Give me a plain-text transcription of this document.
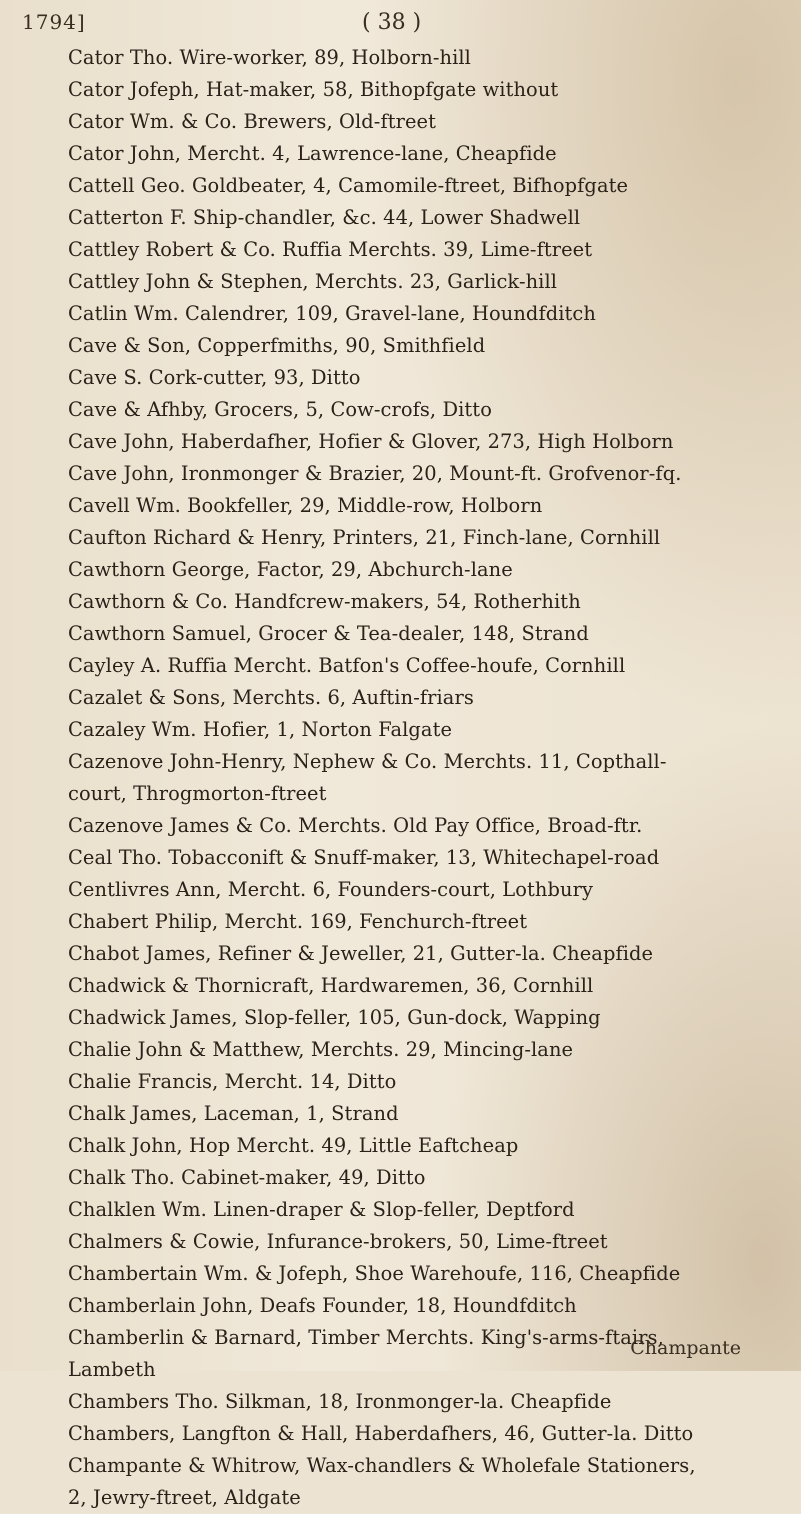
1794]	( 38 )
Cator Tho. Wire-worker, 89, Holborn-hill
Cator Jofeph, Hat-maker, 58, Bithopfgate without
Cator Wm. & Co. Brewers, Old-ftreet
Cator John, Mercht. 4, Lawrence-lane, Cheapfide
Cattell Geo. Goldbeater, 4, Camomile-ftreet, Bifhopfgate
Catterton F. Ship-chandler, &c. 44, Lower Shadwell
Cattley Robert & Co. Ruffia Merchts. 39, Lime-ftreet
Cattley John & Stephen, Merchts. 23, Garlick-hill
Catlin Wm. Calendrer, 109, Gravel-lane, Houndfditch
Cave & Son, Copperfmiths, 90, Smithfield
Cave S. Cork-cutter, 93, Ditto
Cave & Afhby, Grocers, 5, Cow-crofs, Ditto
Cave John, Haberdafher, Hofier & Glover, 273, High Holborn
Cave John, Ironmonger & Brazier, 20, Mount-ft. Grofvenor-fq.
Cavell Wm. Bookfeller, 29, Middle-row, Holborn
Caufton Richard & Henry, Printers, 21, Finch-lane, Cornhill
Cawthorn George, Factor, 29, Abchurch-lane
Cawthorn & Co. Handfcrew-makers, 54, Rotherhith
Cawthorn Samuel, Grocer & Tea-dealer, 148, Strand
Cayley A. Ruffia Mercht. Batfon's Coffee-houfe, Cornhill
Cazalet & Sons, Merchts. 6, Auftin-friars
Cazaley Wm. Hofier, 1, Norton Falgate
Cazenove John-Henry, Nephew & Co. Merchts. 11, Copthall-
court, Throgmorton-ftreet
Cazenove James & Co. Merchts. Old Pay Office, Broad-ftr.
Ceal Tho. Tobacconift & Snuff-maker, 13, Whitechapel-road
Centlivres Ann, Mercht. 6, Founders-court, Lothbury
Chabert Philip, Mercht. 169, Fenchurch-ftreet
Chabot James, Refiner & Jeweller, 21, Gutter-la. Cheapfide
Chadwick & Thornicraft, Hardwaremen, 36, Cornhill
Chadwick James, Slop-feller, 105, Gun-dock, Wapping
Chalie John & Matthew, Merchts. 29, Mincing-lane
Chalie Francis, Mercht. 14, Ditto
Chalk James, Laceman, 1, Strand
Chalk John, Hop Mercht. 49, Little Eaftcheap
Chalk Tho. Cabinet-maker, 49, Ditto
Chalklen Wm. Linen-draper & Slop-feller, Deptford
Chalmers & Cowie, Infurance-brokers, 50, Lime-ftreet
Chambertain Wm. & Jofeph, Shoe Warehoufe, 116, Cheapfide
Chamberlain John, Deafs Founder, 18, Houndfditch
Chamberlin & Barnard, Timber Merchts. King's-arms-ftairs,
Lambeth
Chambers Tho. Silkman, 18, Ironmonger-la. Cheapfide
Chambers, Langfton & Hall, Haberdafhers, 46, Gutter-la. Ditto
Champante & Whitrow, Wax-chandlers & Wholefale Stationers,
2, Jewry-ftreet, Aldgate
Champante
